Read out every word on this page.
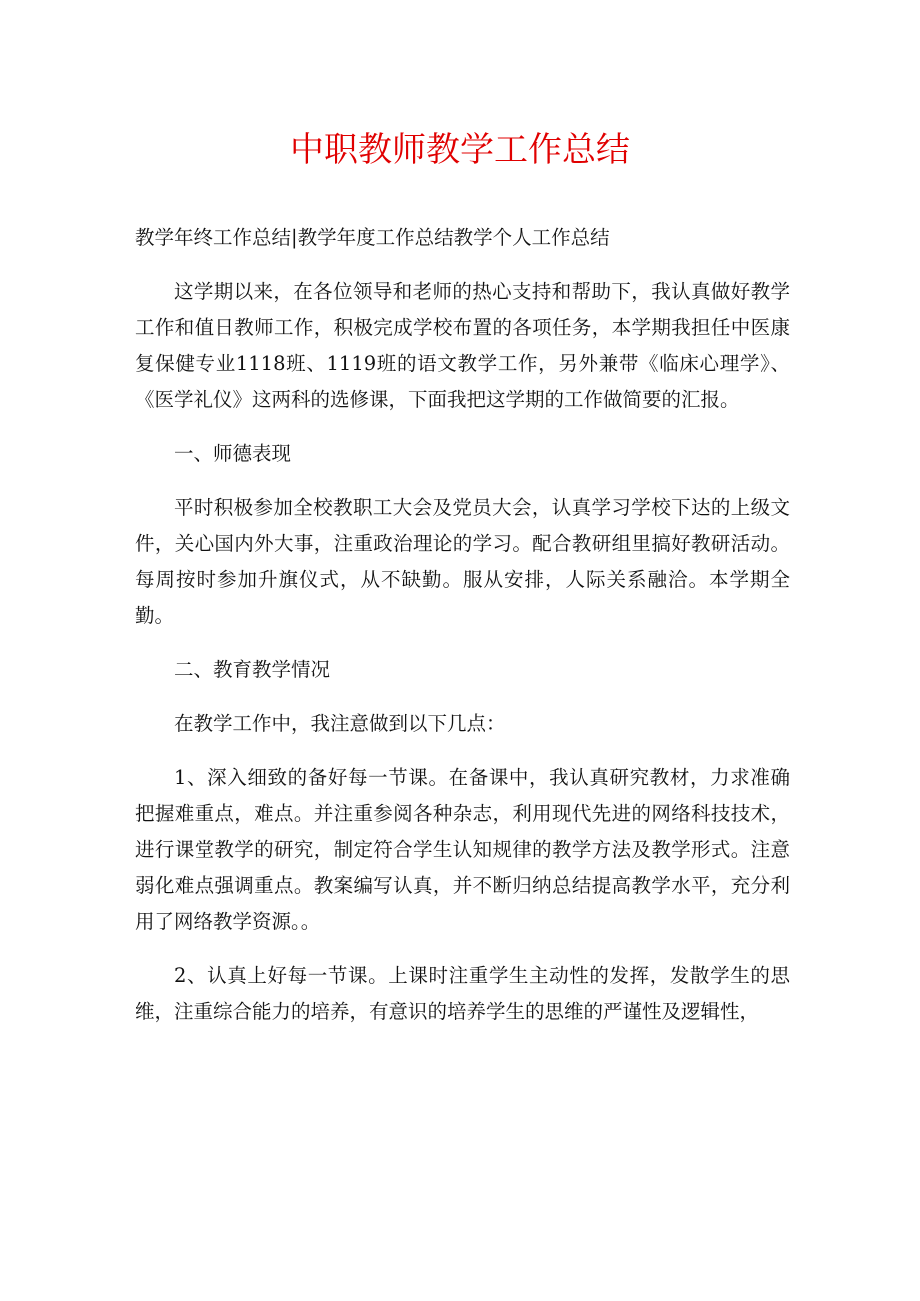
中职教师教学工作总结

教学年终工作总结|教学年度工作总结教学个人工作总结

这学期以来，在各位领导和老师的热心支持和帮助下，我认真做好教学工作和值日教师工作，积极完成学校布置的各项任务，本学期我担任中医康复保健专业1118班、1119班的语文教学工作，另外兼带《临床心理学》、《医学礼仪》这两科的选修课，下面我把这学期的工作做简要的汇报。

一、师德表现

平时积极参加全校教职工大会及党员大会，认真学习学校下达的上级文件，关心国内外大事，注重政治理论的学习。配合教研组里搞好教研活动。每周按时参加升旗仪式，从不缺勤。服从安排，人际关系融洽。本学期全勤。

二、教育教学情况

在教学工作中，我注意做到以下几点：

1、深入细致的备好每一节课。在备课中，我认真研究教材，力求准确把握难重点，难点。并注重参阅各种杂志，利用现代先进的网络科技技术，进行课堂教学的研究，制定符合学生认知规律的教学方法及教学形式。注意弱化难点强调重点。教案编写认真，并不断归纳总结提高教学水平，充分利用了网络教学资源。。

2、认真上好每一节课。上课时注重学生主动性的发挥，发散学生的思维，注重综合能力的培养，有意识的培养学生的思维的严谨性及逻辑性，
